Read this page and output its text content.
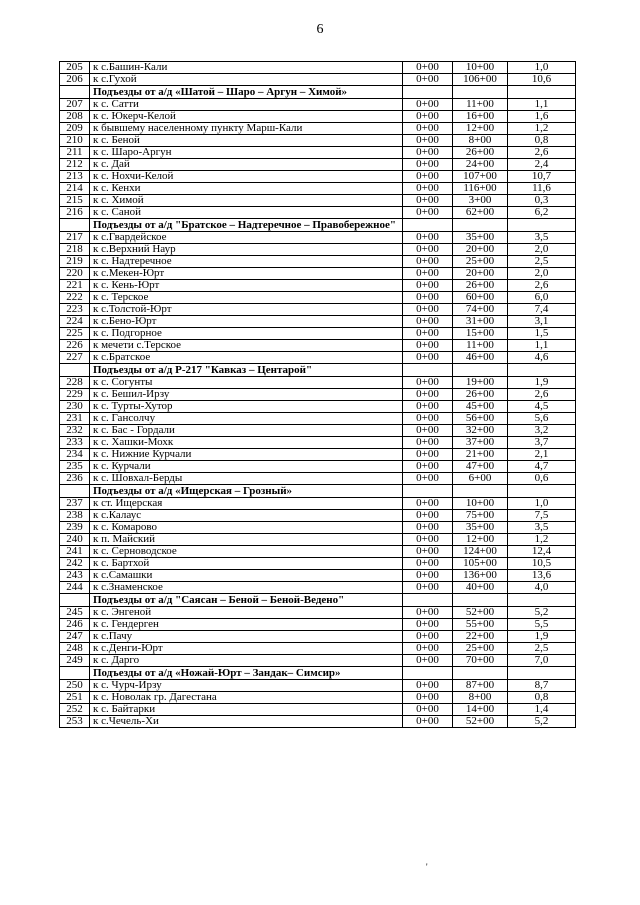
6
205	к с.Башин-Кали	0+00	10+00	1,0
206	к с.Гухой	0+00	106+00	10,6
	Подъезды от а/д «Шатой – Шаро – Аргун – Химой»			
207	к с. Сатти	0+00	11+00	1,1
208	к с. Юкерч-Келой	0+00	16+00	1,6
209	к бывшему населенному пункту Марш-Кали	0+00	12+00	1,2
210	к с. Беной	0+00	8+00	0,8
211	к с. Шаро-Аргун	0+00	26+00	2,6
212	к с. Дай	0+00	24+00	2,4
213	к с. Нохчи-Келой	0+00	107+00	10,7
214	к с. Кенхи	0+00	116+00	11,6
215	к с. Химой	0+00	3+00	0,3
216	к с. Саной	0+00	62+00	6,2
	Подъезды от а/д "Братское – Надтеречное – Правобережное"			
217	к с.Гвардейское	0+00	35+00	3,5
218	к с.Верхний Наур	0+00	20+00	2,0
219	к с. Надтеречное	0+00	25+00	2,5
220	к с.Мекен-Юрт	0+00	20+00	2,0
221	к с. Кень-Юрт	0+00	26+00	2,6
222	к с. Терское	0+00	60+00	6,0
223	к с.Толстой-Юрт	0+00	74+00	7,4
224	к с.Бено-Юрт	0+00	31+00	3,1
225	к с. Подгорное	0+00	15+00	1,5
226	к мечети с.Терское	0+00	11+00	1,1
227	к с.Братское	0+00	46+00	4,6
	Подъезды от а/д Р-217 "Кавказ – Центарой"			
228	к с. Согунты	0+00	19+00	1,9
229	к с. Бешил-Ирзу	0+00	26+00	2,6
230	к с. Турты-Хутор	0+00	45+00	4,5
231	к с. Гансолчу	0+00	56+00	5,6
232	к с. Бас - Гордали	0+00	32+00	3,2
233	к с. Хашки-Мохк	0+00	37+00	3,7
234	к с. Нижние Курчали	0+00	21+00	2,1
235	к с. Курчали	0+00	47+00	4,7
236	к с. Шовхал-Берды	0+00	6+00	0,6
	Подъезды от а/д «Ищерская – Грозный»			
237	к ст. Ищерская	0+00	10+00	1,0
238	к с.Калаус	0+00	75+00	7,5
239	к с. Комарово	0+00	35+00	3,5
240	к п. Майский	0+00	12+00	1,2
241	к с. Серноводское	0+00	124+00	12,4
242	к с. Бартхой	0+00	105+00	10,5
243	к с.Самашки	0+00	136+00	13,6
244	к с.Знаменское	0+00	40+00	4,0
	Подъезды от а/д "Саясан – Беной – Беной-Ведено"			
245	к с. Энгеной	0+00	52+00	5,2
246	к с. Гендерген	0+00	55+00	5,5
247	к с.Пачу	0+00	22+00	1,9
248	к с.Денги-Юрт	0+00	25+00	2,5
249	к с. Дарго	0+00	70+00	7,0
	Подъезды от а/д «Ножай-Юрт – Зандак– Симсир»			
250	к с. Чурч-Ирзу	0+00	87+00	8,7
251	к с. Новолак гр. Дагестана	0+00	8+00	0,8
252	к с. Байтарки	0+00	14+00	1,4
253	к с.Чечель-Хи	0+00	52+00	5,2
'
